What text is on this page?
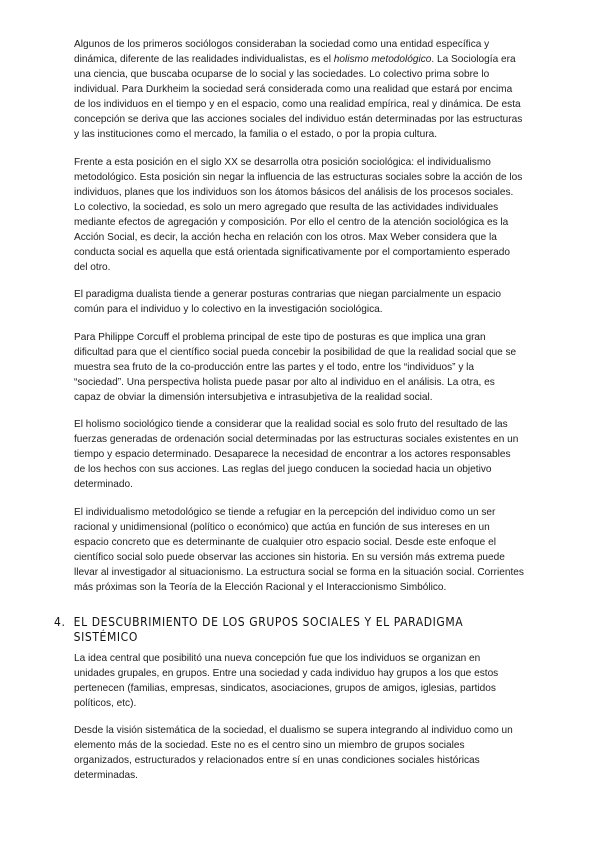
Algunos de los primeros sociólogos consideraban la sociedad como una entidad específica y dinámica, diferente de las realidades individualistas, es el holismo metodológico. La Sociología era una ciencia, que buscaba ocuparse de lo social y las sociedades. Lo colectivo prima sobre lo individual. Para Durkheim la sociedad será considerada como una realidad que estará por encima de los individuos en el tiempo y en el espacio, como una realidad empírica, real y dinámica. De esta concepción se deriva que las acciones sociales del individuo están determinadas por las estructuras y las instituciones como el mercado, la familia o el estado, o por la propia cultura.

Frente a esta posición en el siglo XX se desarrolla otra posición sociológica: el individualismo metodológico. Esta posición sin negar la influencia de las estructuras sociales sobre la acción de los individuos, planes que los individuos son los átomos básicos del análisis de los procesos sociales. Lo colectivo, la sociedad, es solo un mero agregado que resulta de las actividades individuales mediante efectos de agregación y composición. Por ello el centro de la atención sociológica es la Acción Social, es decir, la acción hecha en relación con los otros. Max Weber considera que la conducta social es aquella que está orientada significativamente por el comportamiento esperado del otro.

El paradigma dualista tiende a generar posturas contrarias que niegan parcialmente un espacio común para el individuo y lo colectivo en la investigación sociológica.

Para Philippe Corcuff el problema principal de este tipo de posturas es que implica una gran dificultad para que el científico social pueda concebir la posibilidad de que la realidad social que se muestra sea fruto de la co-producción entre las partes y el todo, entre los “individuos” y la “sociedad”. Una perspectiva holista puede pasar por alto al individuo en el análisis. La otra, es capaz de obviar la dimensión intersubjetiva e intrasubjetiva de la realidad social.

El holismo sociológico tiende a considerar que la realidad social es solo fruto del resultado de las fuerzas generadas de ordenación social determinadas por las estructuras sociales existentes en un tiempo y espacio determinado. Desaparece la necesidad de encontrar a los actores responsables de los hechos con sus acciones. Las reglas del juego conducen la sociedad hacia un objetivo determinado.

El individualismo metodológico se tiende a refugiar en la percepción del individuo como un ser racional y unidimensional (político o económico) que actúa en función de sus intereses en un espacio concreto que es determinante de cualquier otro espacio social. Desde este enfoque el científico social solo puede observar las acciones sin historia. En su versión más extrema puede llevar al investigador al situacionismo. La estructura social se forma en la situación social. Corrientes más próximas son la Teoría de la Elección Racional y el Interaccionismo Simbólico.

4. EL DESCUBRIMIENTO DE LOS GRUPOS SOCIALES Y EL PARADIGMA SISTÉMICO

La idea central que posibilitó una nueva concepción fue que los individuos se organizan en unidades grupales, en grupos. Entre una sociedad y cada individuo hay grupos a los que estos pertenecen (familias, empresas, sindicatos, asociaciones, grupos de amigos, iglesias, partidos políticos, etc).

Desde la visión sistemática de la sociedad, el dualismo se supera integrando al individuo como un elemento más de la sociedad. Este no es el centro sino un miembro de grupos sociales organizados, estructurados y relacionados entre sí en unas condiciones sociales históricas determinadas.
